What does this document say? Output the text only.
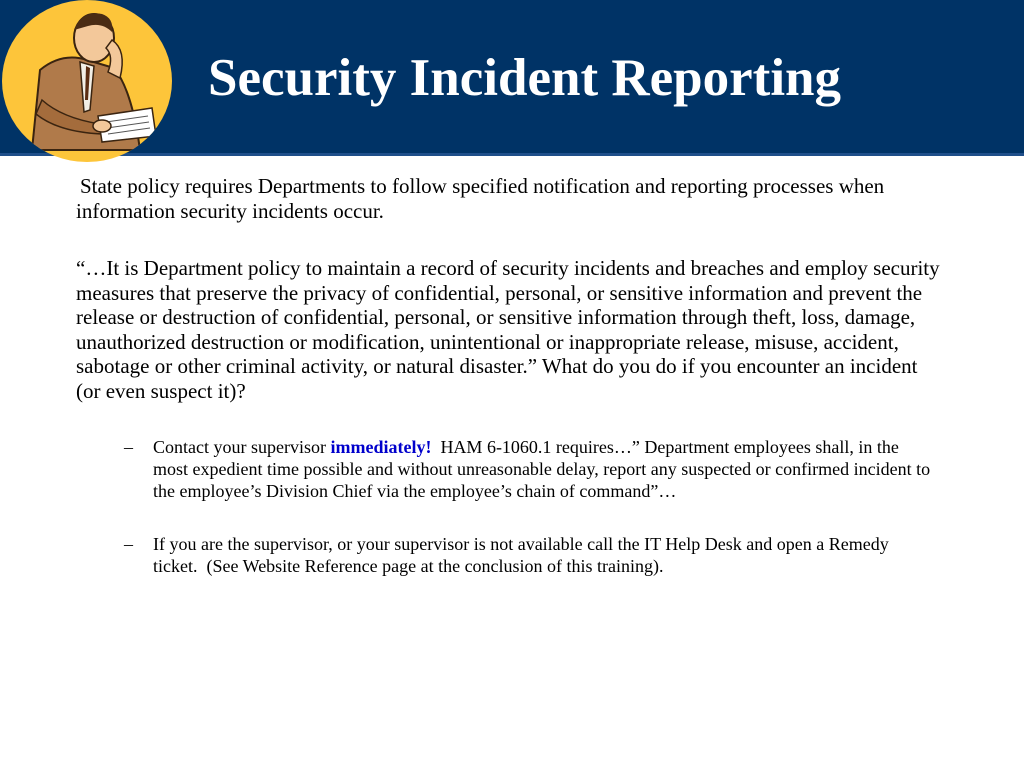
Security Incident Reporting

State policy requires Departments to follow specified notification and reporting processes when information security incidents occur.

“…It is Department policy to maintain a record of security incidents and breaches and employ security measures that preserve the privacy of confidential, personal, or sensitive information and prevent the release or destruction of confidential, personal, or sensitive information through theft, loss, damage, unauthorized destruction or modification, unintentional or inappropriate release, misuse, accident, sabotage or other criminal activity, or natural disaster.” What do you do if you encounter an incident (or even suspect it)?

– Contact your supervisor immediately!  HAM 6-1060.1 requires…” Department employees shall, in the most expedient time possible and without unreasonable delay, report any suspected or confirmed incident to the employee’s Division Chief via the employee’s chain of command”…
– If you are the supervisor, or your supervisor is not available call the IT Help Desk and open a Remedy ticket.  (See Website Reference page at the conclusion of this training).
